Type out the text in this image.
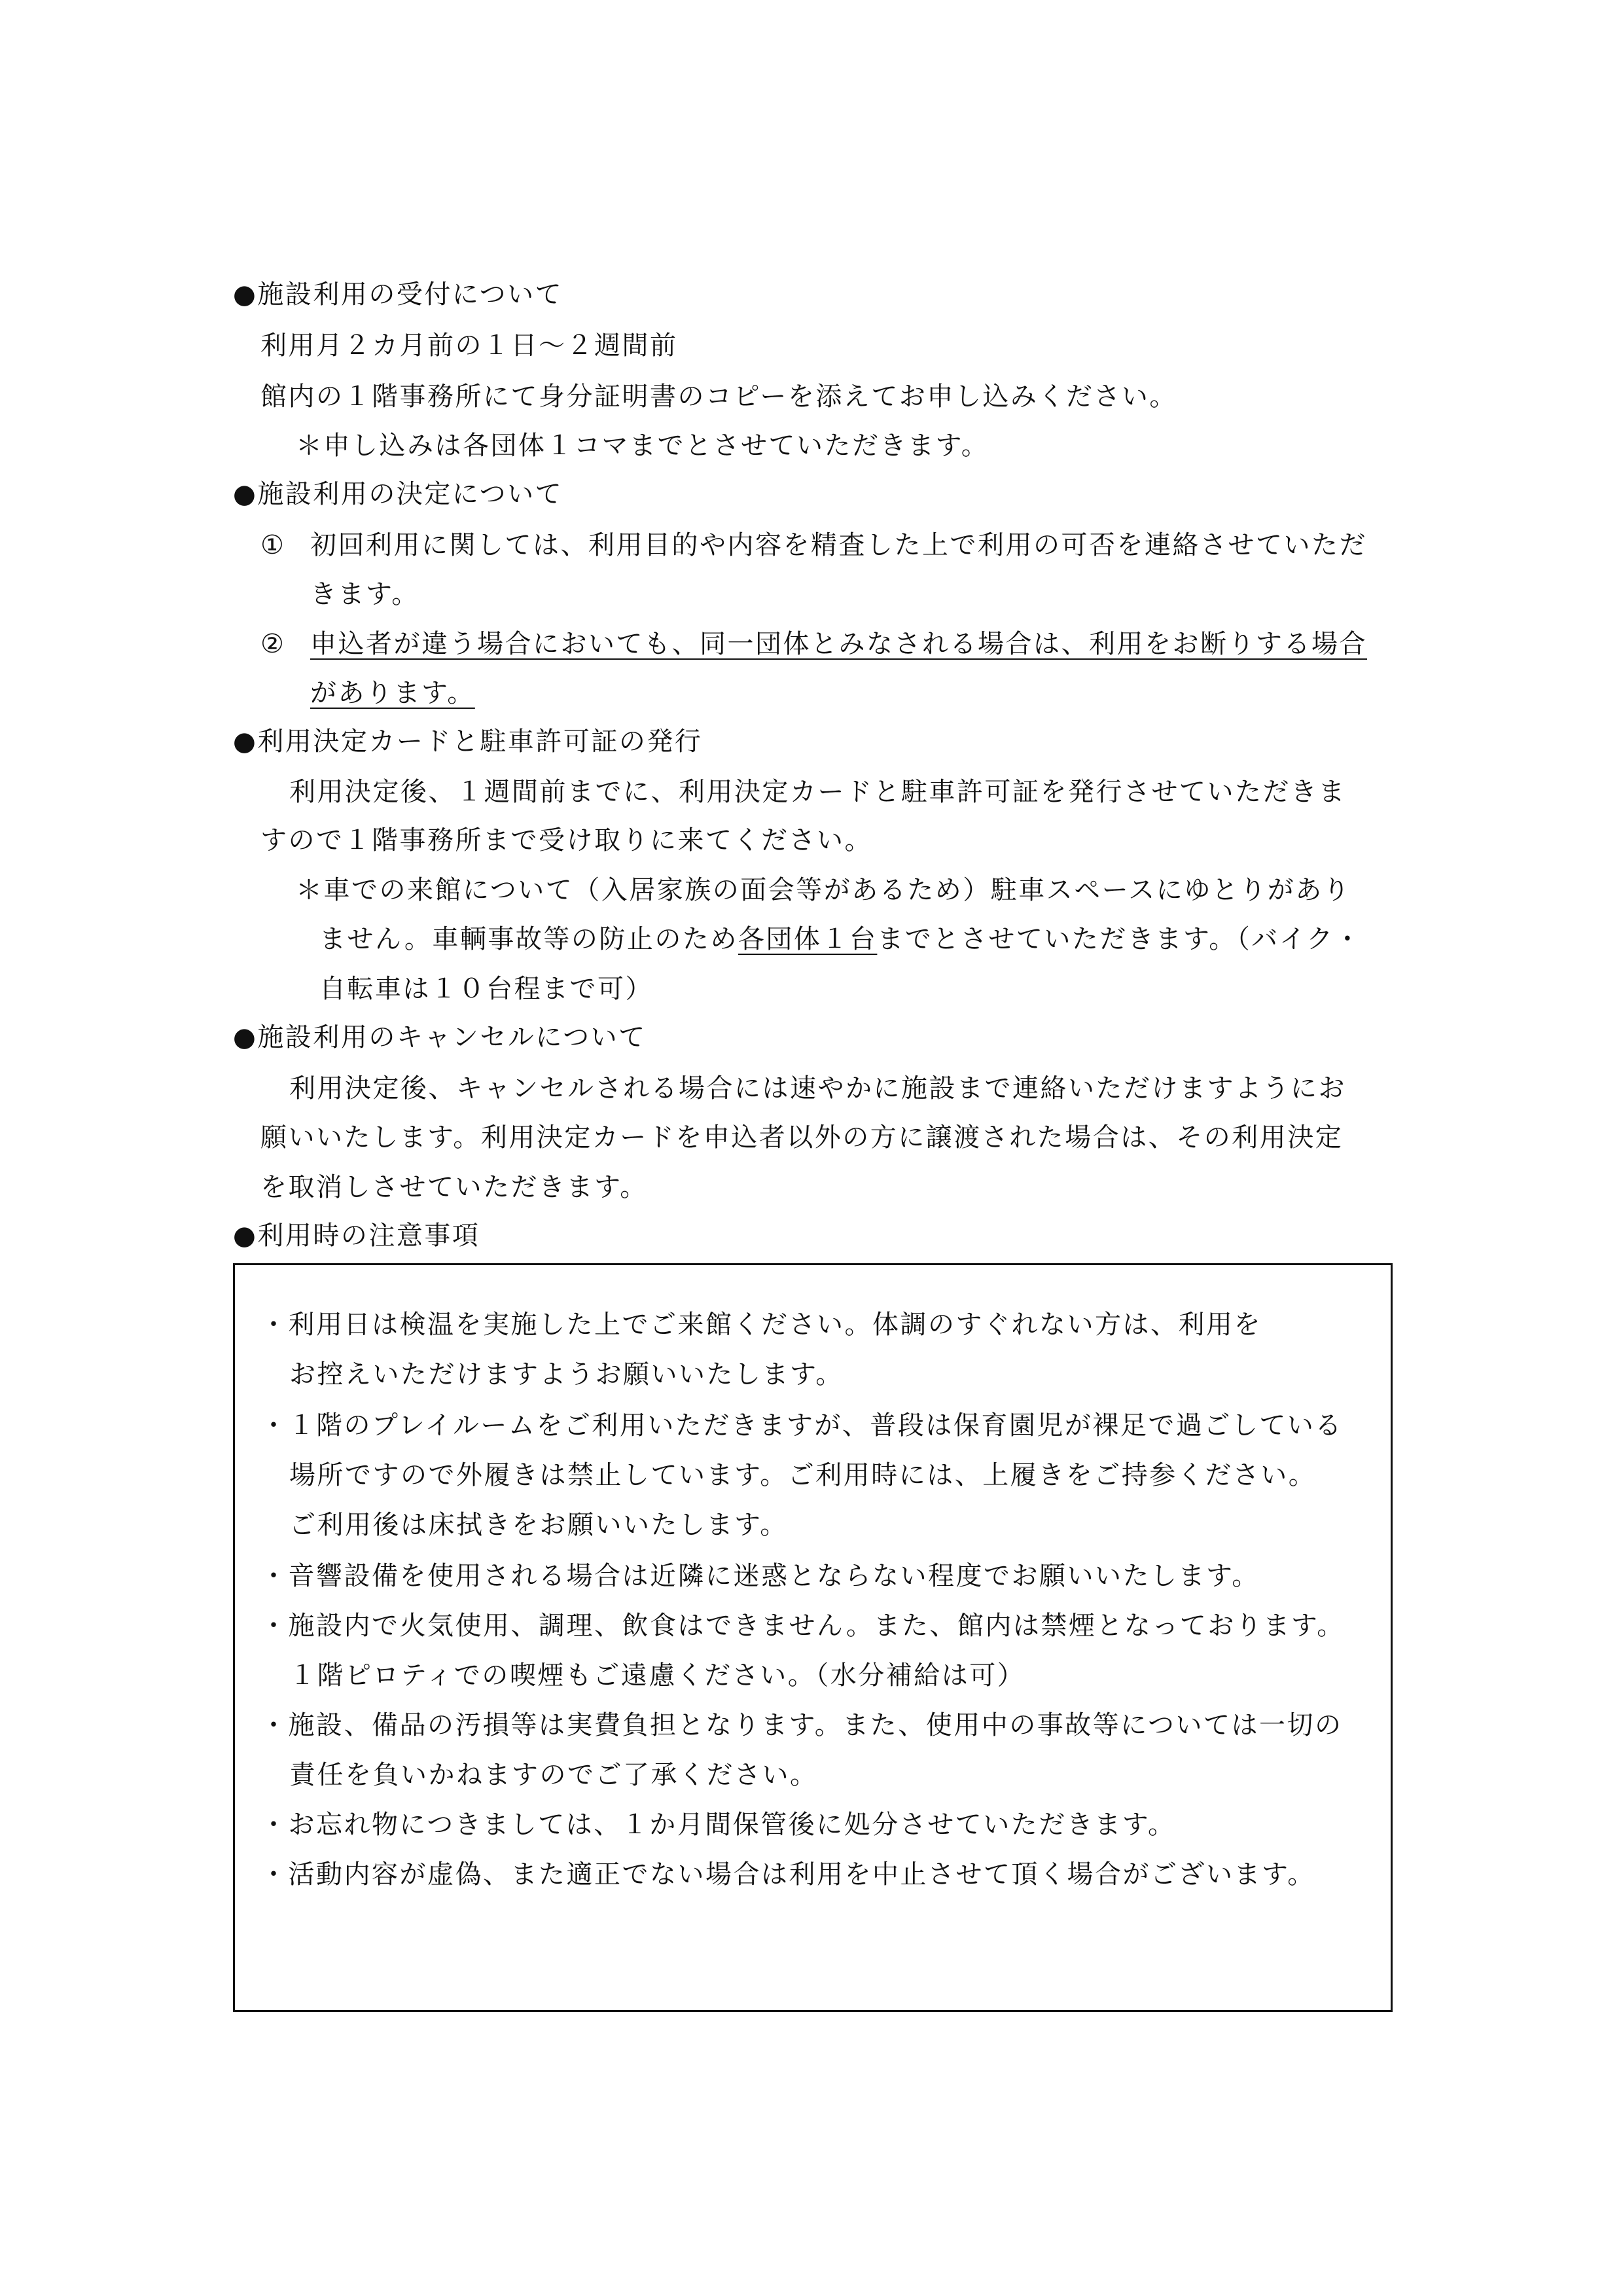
●施設利用の受付について
利用月２カ月前の１日～２週間前
館内の１階事務所にて身分証明書のコピーを添えてお申し込みください。
＊申し込みは各団体１コマまでとさせていただきます。
●施設利用の決定について
① 初回利用に関しては、利用目的や内容を精査した上で利用の可否を連絡させていただ
きます。
② 申込者が違う場合においても、同一団体とみなされる場合は、利用をお断りする場合
があります。
●利用決定カードと駐車許可証の発行
利用決定後、１週間前までに、利用決定カードと駐車許可証を発行させていただきま
すので１階事務所まで受け取りに来てください。
＊車での来館について（入居家族の面会等があるため）駐車スペースにゆとりがあり
ません。車輌事故等の防止のため各団体１台までとさせていただきます。（バイク・
自転車は１０台程まで可）
●施設利用のキャンセルについて
利用決定後、キャンセルされる場合には速やかに施設まで連絡いただけますようにお
願いいたします。利用決定カードを申込者以外の方に譲渡された場合は、その利用決定
を取消しさせていただきます。
●利用時の注意事項
・利用日は検温を実施した上でご来館ください。体調のすぐれない方は、利用を
お控えいただけますようお願いいたします。
・１階のプレイルームをご利用いただきますが、普段は保育園児が裸足で過ごしている
場所ですので外履きは禁止しています。ご利用時には、上履きをご持参ください。
ご利用後は床拭きをお願いいたします。
・音響設備を使用される場合は近隣に迷惑とならない程度でお願いいたします。
・施設内で火気使用、調理、飲食はできません。また、館内は禁煙となっております。
１階ピロティでの喫煙もご遠慮ください。（水分補給は可）
・施設、備品の汚損等は実費負担となります。また、使用中の事故等については一切の
責任を負いかねますのでご了承ください。
・お忘れ物につきましては、１か月間保管後に処分させていただきます。
・活動内容が虚偽、また適正でない場合は利用を中止させて頂く場合がございます。
